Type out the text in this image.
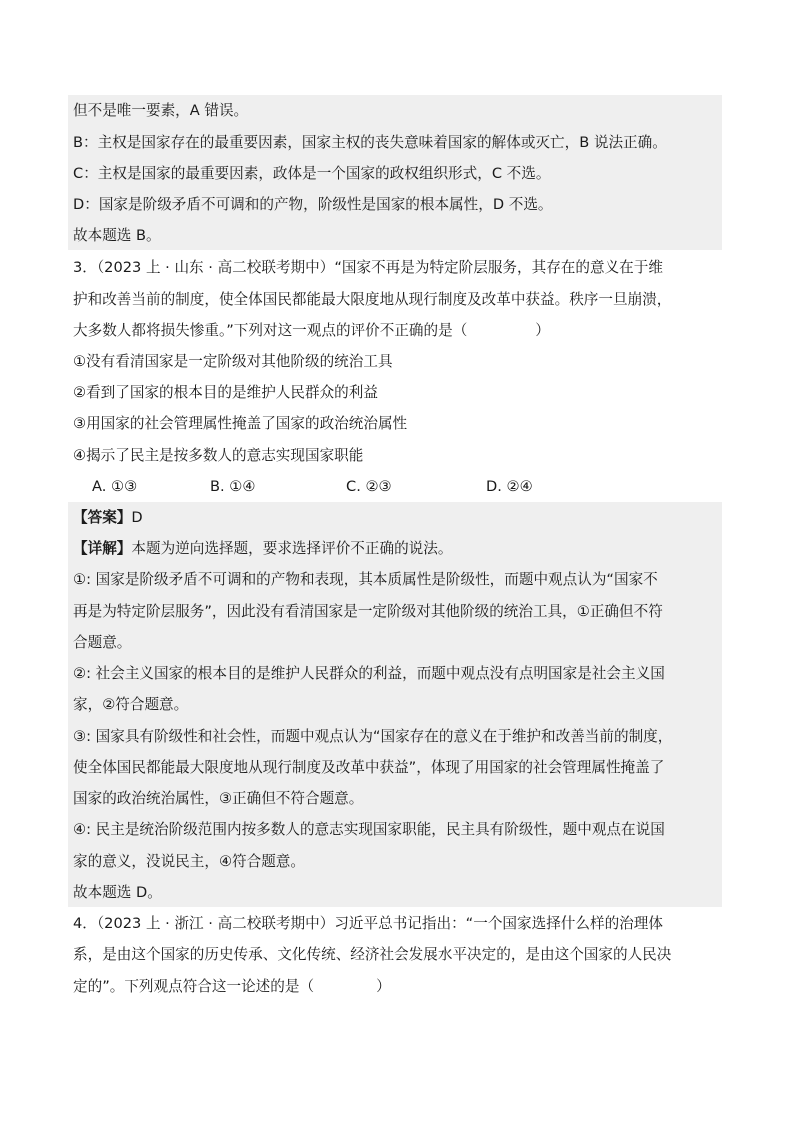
但不是唯一要素，A 错误。
B：主权是国家存在的最重要因素，国家主权的丧失意味着国家的解体或灭亡，B 说法正确。
C：主权是国家的最重要因素，政体是一个国家的政权组织形式，C 不选。
D：国家是阶级矛盾不可调和的产物，阶级性是国家的根本属性，D 不选。
故本题选 B。
3．（2023 上 · 山东 · 高二校联考期中）“国家不再是为特定阶层服务，其存在的意义在于维
护和改善当前的制度，使全体国民都能最大限度地从现行制度及改革中获益。秩序一旦崩溃，
大多数人都将损失惨重。”下列对这一观点的评价不正确的是（	）
①没有看清国家是一定阶级对其他阶级的统治工具
②看到了国家的根本目的是维护人民群众的利益
③用国家的社会管理属性掩盖了国家的政治统治属性
④揭示了民主是按多数人的意志实现国家职能
A. ①③	B. ①④	C. ②③	D. ②④
【答案】D
【详解】本题为逆向选择题，要求选择评价不正确的说法。
①: 国家是阶级矛盾不可调和的产物和表现，其本质属性是阶级性，而题中观点认为“国家不
再是为特定阶层服务”，因此没有看清国家是一定阶级对其他阶级的统治工具，①正确但不符
合题意。
②: 社会主义国家的根本目的是维护人民群众的利益，而题中观点没有点明国家是社会主义国
家，②符合题意。
③: 国家具有阶级性和社会性，而题中观点认为“国家存在的意义在于维护和改善当前的制度，
使全体国民都能最大限度地从现行制度及改革中获益”，体现了用国家的社会管理属性掩盖了
国家的政治统治属性，③正确但不符合题意。
④: 民主是统治阶级范围内按多数人的意志实现国家职能，民主具有阶级性，题中观点在说国
家的意义，没说民主，④符合题意。
故本题选 D。
4．（2023 上 · 浙江 · 高二校联考期中）习近平总书记指出：“一个国家选择什么样的治理体
系，是由这个国家的历史传承、文化传统、经济社会发展水平决定的，是由这个国家的人民决
定的”。下列观点符合这一论述的是（	）
